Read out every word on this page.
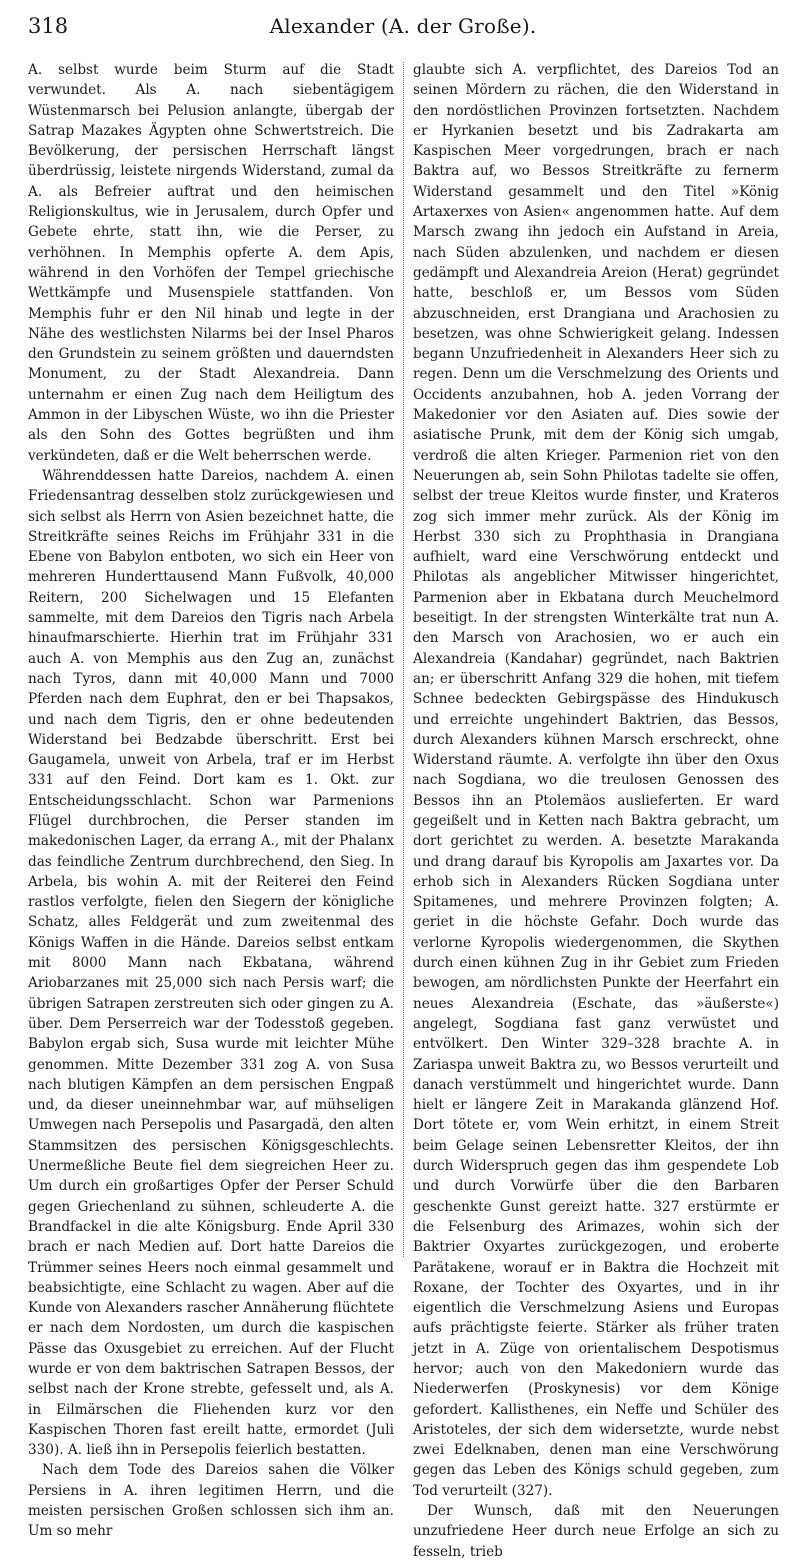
318	Alexander (A. der Große).

A. selbst wurde beim Sturm auf die Stadt verwundet. Als A. nach siebentägigem Wüstenmarsch bei Pelusion anlangte, übergab der Satrap Mazakes Ägypten ohne Schwertstreich. Die Bevölkerung, der persischen Herrschaft längst überdrüssig, leistete nirgends Widerstand, zumal da A. als Befreier auftrat und den heimischen Religionskultus, wie in Jerusalem, durch Opfer und Gebete ehrte, statt ihn, wie die Perser, zu verhöhnen. In Memphis opferte A. dem Apis, während in den Vorhöfen der Tempel griechische Wettkämpfe und Musenspiele stattfanden. Von Memphis fuhr er den Nil hinab und legte in der Nähe des westlichsten Nilarms bei der Insel Pharos den Grundstein zu seinem größten und dauerndsten Monument, zu der Stadt Alexandreia. Dann unternahm er einen Zug nach dem Heiligtum des Ammon in der Libyschen Wüste, wo ihn die Priester als den Sohn des Gottes begrüßten und ihm verkündeten, daß er die Welt beherrschen werde.

Währenddessen hatte Dareios, nachdem A. einen Friedensantrag desselben stolz zurückgewiesen und sich selbst als Herrn von Asien bezeichnet hatte, die Streitkräfte seines Reichs im Frühjahr 331 in die Ebene von Babylon entboten, wo sich ein Heer von mehreren Hunderttausend Mann Fußvolk, 40,000 Reitern, 200 Sichelwagen und 15 Elefanten sammelte, mit dem Dareios den Tigris nach Arbela hinaufmarschierte. Hierhin trat im Frühjahr 331 auch A. von Memphis aus den Zug an, zunächst nach Tyros, dann mit 40,000 Mann und 7000 Pferden nach dem Euphrat, den er bei Thapsakos, und nach dem Tigris, den er ohne bedeutenden Widerstand bei Bedzabde überschritt. Erst bei Gaugamela, unweit von Arbela, traf er im Herbst 331 auf den Feind. Dort kam es 1. Okt. zur Entscheidungsschlacht. Schon war Parmenions Flügel durchbrochen, die Perser standen im makedonischen Lager, da errang A., mit der Phalanx das feindliche Zentrum durchbrechend, den Sieg. In Arbela, bis wohin A. mit der Reiterei den Feind rastlos verfolgte, fielen den Siegern der königliche Schatz, alles Feldgerät und zum zweitenmal des Königs Waffen in die Hände. Dareios selbst entkam mit 8000 Mann nach Ekbatana, während Ariobarzanes mit 25,000 sich nach Persis warf; die übrigen Satrapen zerstreuten sich oder gingen zu A. über. Dem Perserreich war der Todesstoß gegeben. Babylon ergab sich, Susa wurde mit leichter Mühe genommen. Mitte Dezember 331 zog A. von Susa nach blutigen Kämpfen an dem persischen Engpaß und, da dieser uneinnehmbar war, auf mühseligen Umwegen nach Persepolis und Pasargadä, den alten Stammsitzen des persischen Königsgeschlechts. Unermeßliche Beute fiel dem siegreichen Heer zu. Um durch ein großartiges Opfer der Perser Schuld gegen Griechenland zu sühnen, schleuderte A. die Brandfackel in die alte Königsburg. Ende April 330 brach er nach Medien auf. Dort hatte Dareios die Trümmer seines Heers noch einmal gesammelt und beabsichtigte, eine Schlacht zu wagen. Aber auf die Kunde von Alexanders rascher Annäherung flüchtete er nach dem Nordosten, um durch die kaspischen Pässe das Oxusgebiet zu erreichen. Auf der Flucht wurde er von dem baktrischen Satrapen Bessos, der selbst nach der Krone strebte, gefesselt und, als A. in Eilmärschen die Fliehenden kurz vor den Kaspischen Thoren fast ereilt hatte, ermordet (Juli 330). A. ließ ihn in Persepolis feierlich bestatten.

Nach dem Tode des Dareios sahen die Völker Persiens in A. ihren legitimen Herrn, und die meisten persischen Großen schlossen sich ihm an. Um so mehr

glaubte sich A. verpflichtet, des Dareios Tod an seinen Mördern zu rächen, die den Widerstand in den nordöstlichen Provinzen fortsetzten. Nachdem er Hyrkanien besetzt und bis Zadrakarta am Kaspischen Meer vorgedrungen, brach er nach Baktra auf, wo Bessos Streitkräfte zu fernerm Widerstand gesammelt und den Titel »König Artaxerxes von Asien« angenommen hatte. Auf dem Marsch zwang ihn jedoch ein Aufstand in Areia, nach Süden abzulenken, und nachdem er diesen gedämpft und Alexandreia Areion (Herat) gegründet hatte, beschloß er, um Bessos vom Süden abzuschneiden, erst Drangiana und Arachosien zu besetzen, was ohne Schwierigkeit gelang. Indessen begann Unzufriedenheit in Alexanders Heer sich zu regen. Denn um die Verschmelzung des Orients und Occidents anzubahnen, hob A. jeden Vorrang der Makedonier vor den Asiaten auf. Dies sowie der asiatische Prunk, mit dem der König sich umgab, verdroß die alten Krieger. Parmenion riet von den Neuerungen ab, sein Sohn Philotas tadelte sie offen, selbst der treue Kleitos wurde finster, und Krateros zog sich immer mehr zurück. Als der König im Herbst 330 sich zu Prophthasia in Drangiana aufhielt, ward eine Verschwörung entdeckt und Philotas als angeblicher Mitwisser hingerichtet, Parmenion aber in Ekbatana durch Meuchelmord beseitigt. In der strengsten Winterkälte trat nun A. den Marsch von Arachosien, wo er auch ein Alexandreia (Kandahar) gegründet, nach Baktrien an; er überschritt Anfang 329 die hohen, mit tiefem Schnee bedeckten Gebirgspässe des Hindukusch und erreichte ungehindert Baktrien, das Bessos, durch Alexanders kühnen Marsch erschreckt, ohne Widerstand räumte. A. verfolgte ihn über den Oxus nach Sogdiana, wo die treulosen Genossen des Bessos ihn an Ptolemäos auslieferten. Er ward gegeißelt und in Ketten nach Baktra gebracht, um dort gerichtet zu werden. A. besetzte Marakanda und drang darauf bis Kyropolis am Jaxartes vor. Da erhob sich in Alexanders Rücken Sogdiana unter Spitamenes, und mehrere Provinzen folgten; A. geriet in die höchste Gefahr. Doch wurde das verlorne Kyropolis wiedergenommen, die Skythen durch einen kühnen Zug in ihr Gebiet zum Frieden bewogen, am nördlichsten Punkte der Heerfahrt ein neues Alexandreia (Eschate, das »äußerste«) angelegt, Sogdiana fast ganz verwüstet und entvölkert. Den Winter 329–328 brachte A. in Zariaspa unweit Baktra zu, wo Bessos verurteilt und danach verstümmelt und hingerichtet wurde. Dann hielt er längere Zeit in Marakanda glänzend Hof. Dort tötete er, vom Wein erhitzt, in einem Streit beim Gelage seinen Lebensretter Kleitos, der ihn durch Widerspruch gegen das ihm gespendete Lob und durch Vorwürfe über die den Barbaren geschenkte Gunst gereizt hatte. 327 erstürmte er die Felsenburg des Arimazes, wohin sich der Baktrier Oxyartes zurückgezogen, und eroberte Parätakene, worauf er in Baktra die Hochzeit mit Roxane, der Tochter des Oxyartes, und in ihr eigentlich die Verschmelzung Asiens und Europas aufs prächtigste feierte. Stärker als früher traten jetzt in A. Züge von orientalischem Despotismus hervor; auch von den Makedoniern wurde das Niederwerfen (Proskynesis) vor dem Könige gefordert. Kallisthenes, ein Neffe und Schüler des Aristoteles, der sich dem widersetzte, wurde nebst zwei Edelknaben, denen man eine Verschwörung gegen das Leben des Königs schuld gegeben, zum Tod verurteilt (327).

Der Wunsch, daß mit den Neuerungen unzufriedene Heer durch neue Erfolge an sich zu fesseln, trieb
